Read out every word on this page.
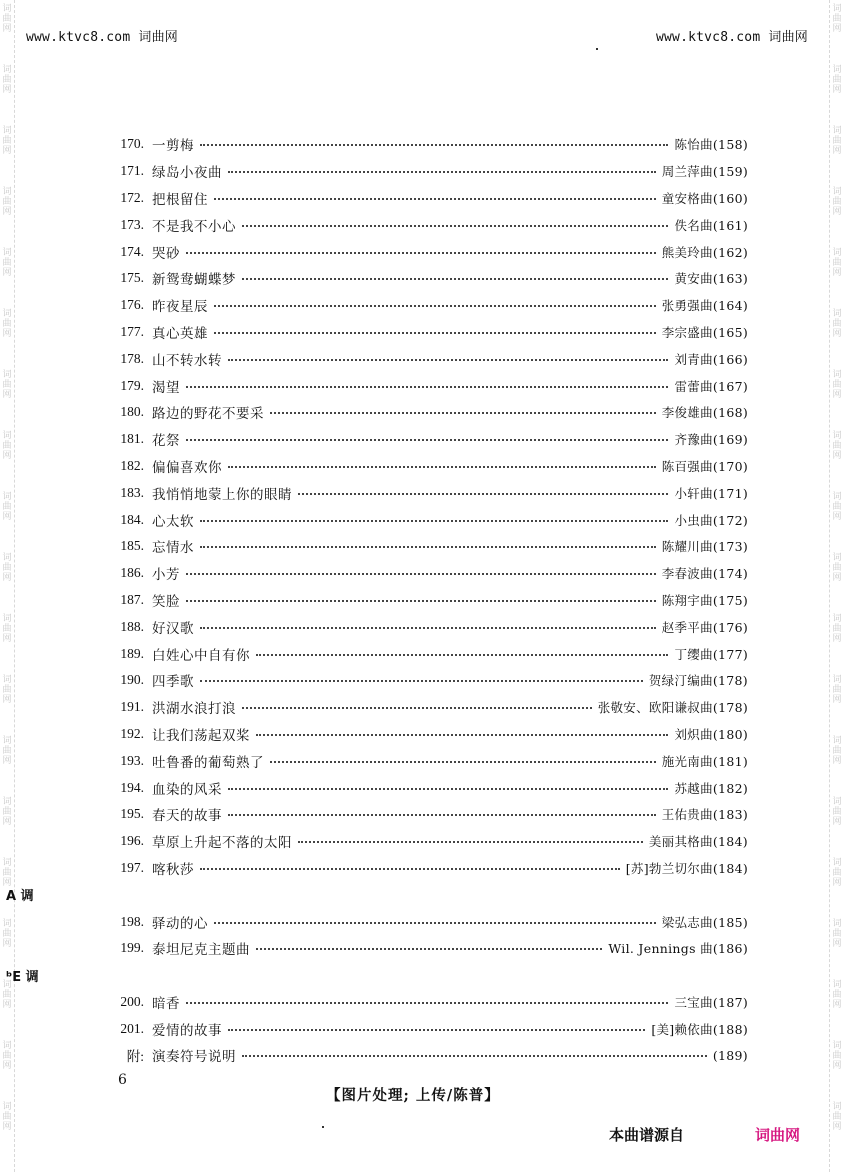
词
曲
网
词
曲
网
词
曲
网
词
曲
网
词
曲
网
词
曲
网
词
曲
网
词
曲
网
词
曲
网
词
曲
网
词
曲
网
词
曲
网
词
曲
网
词
曲
网
词
曲
网
词
曲
网
词
曲
网
词
曲
网
词
曲
网
词
曲
网
词
曲
网
词
曲
网
词
曲
网
词
曲
网
词
曲
网
词
曲
网
词
曲
网
词
曲
网
词
曲
网
词
曲
网
词
曲
网
词
曲
网
词
曲
网
词
曲
网
词
曲
网
词
曲
网
词
曲
网
词
曲
网
www.ktvc8.com 词曲网	www.ktvc8.com 词曲网
170. 一剪梅	陈怡曲(158)
171. 绿岛小夜曲	周兰萍曲(159)
172. 把根留住	童安格曲(160)
173. 不是我不小心	佚名曲(161)
174. 哭砂	熊美玲曲(162)
175. 新鸳鸯蝴蝶梦	黄安曲(163)
176. 昨夜星辰	张勇强曲(164)
177. 真心英雄	李宗盛曲(165)
178. 山不转水转	刘青曲(166)
179. 渴望	雷蕾曲(167)
180. 路边的野花不要采	李俊雄曲(168)
181. 花祭	齐豫曲(169)
182. 偏偏喜欢你	陈百强曲(170)
183. 我悄悄地蒙上你的眼睛	小轩曲(171)
184. 心太软	小虫曲(172)
185. 忘情水	陈耀川曲(173)
186. 小芳	李春波曲(174)
187. 笑脸	陈翔宇曲(175)
188. 好汉歌	赵季平曲(176)
189. 白姓心中自有你	丁缨曲(177)
190. 四季歌	贺绿汀编曲(178)
191. 洪湖水浪打浪	张敬安、欧阳谦叔曲(178)
192. 让我们荡起双桨	刘炽曲(180)
193. 吐鲁番的葡萄熟了	施光南曲(181)
194. 血染的风采	苏越曲(182)
195. 春天的故事	王佑贵曲(183)
196. 草原上升起不落的太阳	美丽其格曲(184)
197. 喀秋莎	[苏]勃兰切尔曲(184)
A 调
198. 驿动的心	梁弘志曲(185)
199. 泰坦尼克主题曲	Wil. Jennings 曲(186)
ᵇE 调
200. 暗香	三宝曲(187)
201. 爱情的故事	[美]赖依曲(188)
附: 演奏符号说明	(189)
6
【图片处理; 上传/陈普】
本曲谱源自	词曲网
